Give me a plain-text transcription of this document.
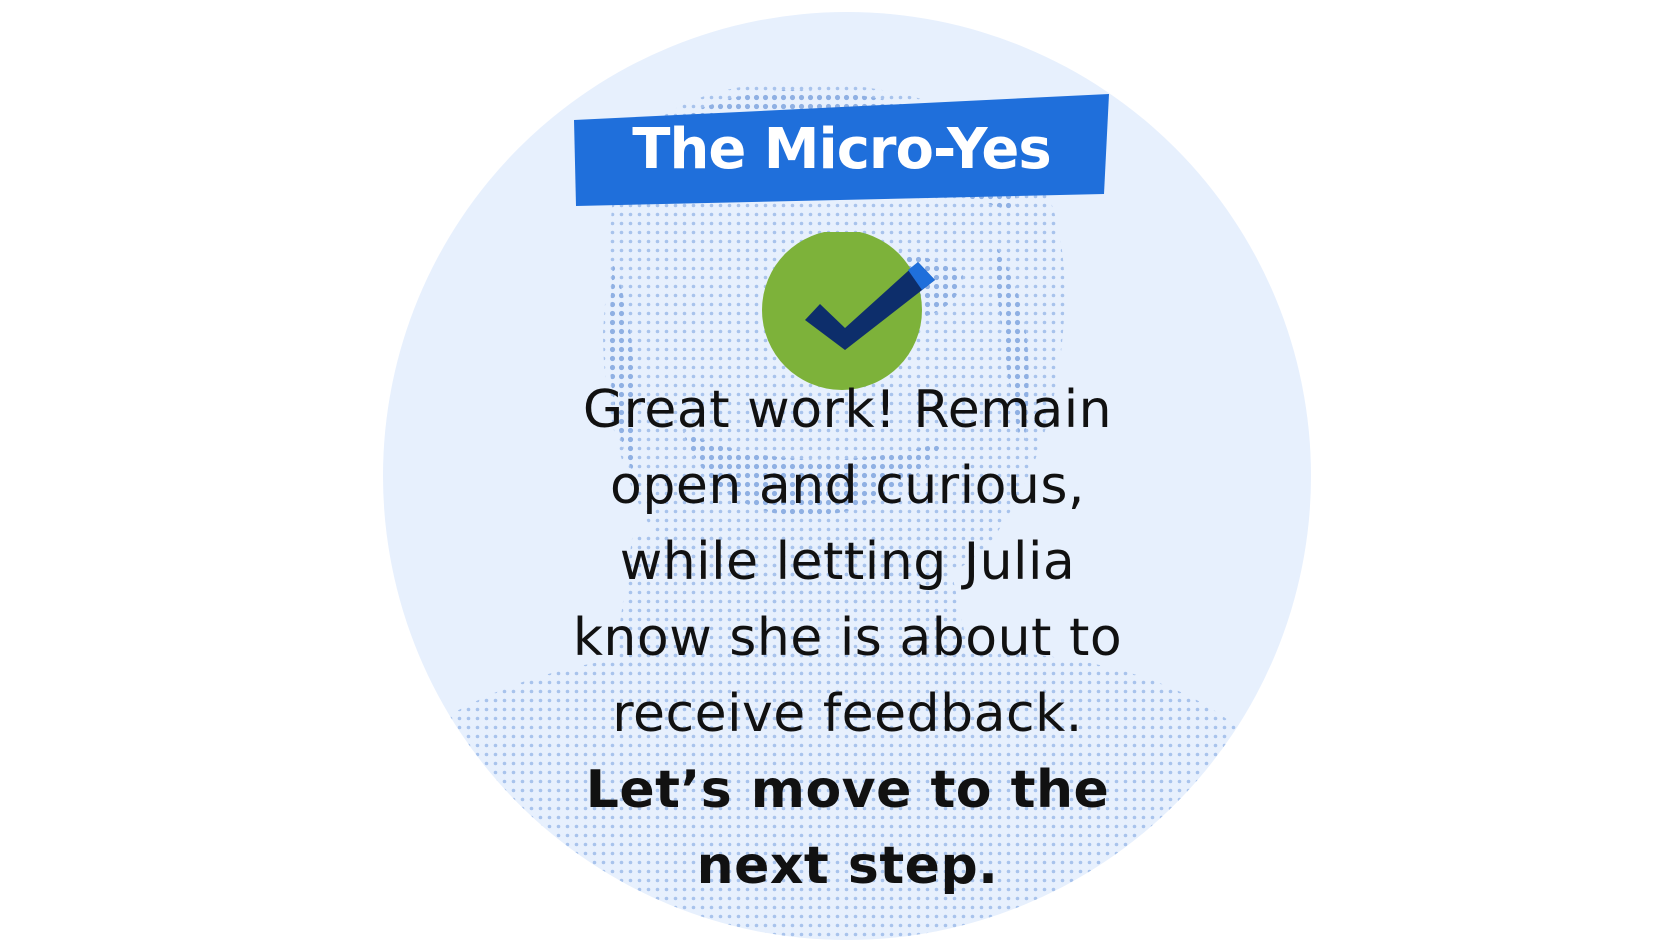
The Micro-Yes
Great work! Remain
open and curious,
while letting Julia
know she is about to
receive feedback.
Let’s move to the
next step.
